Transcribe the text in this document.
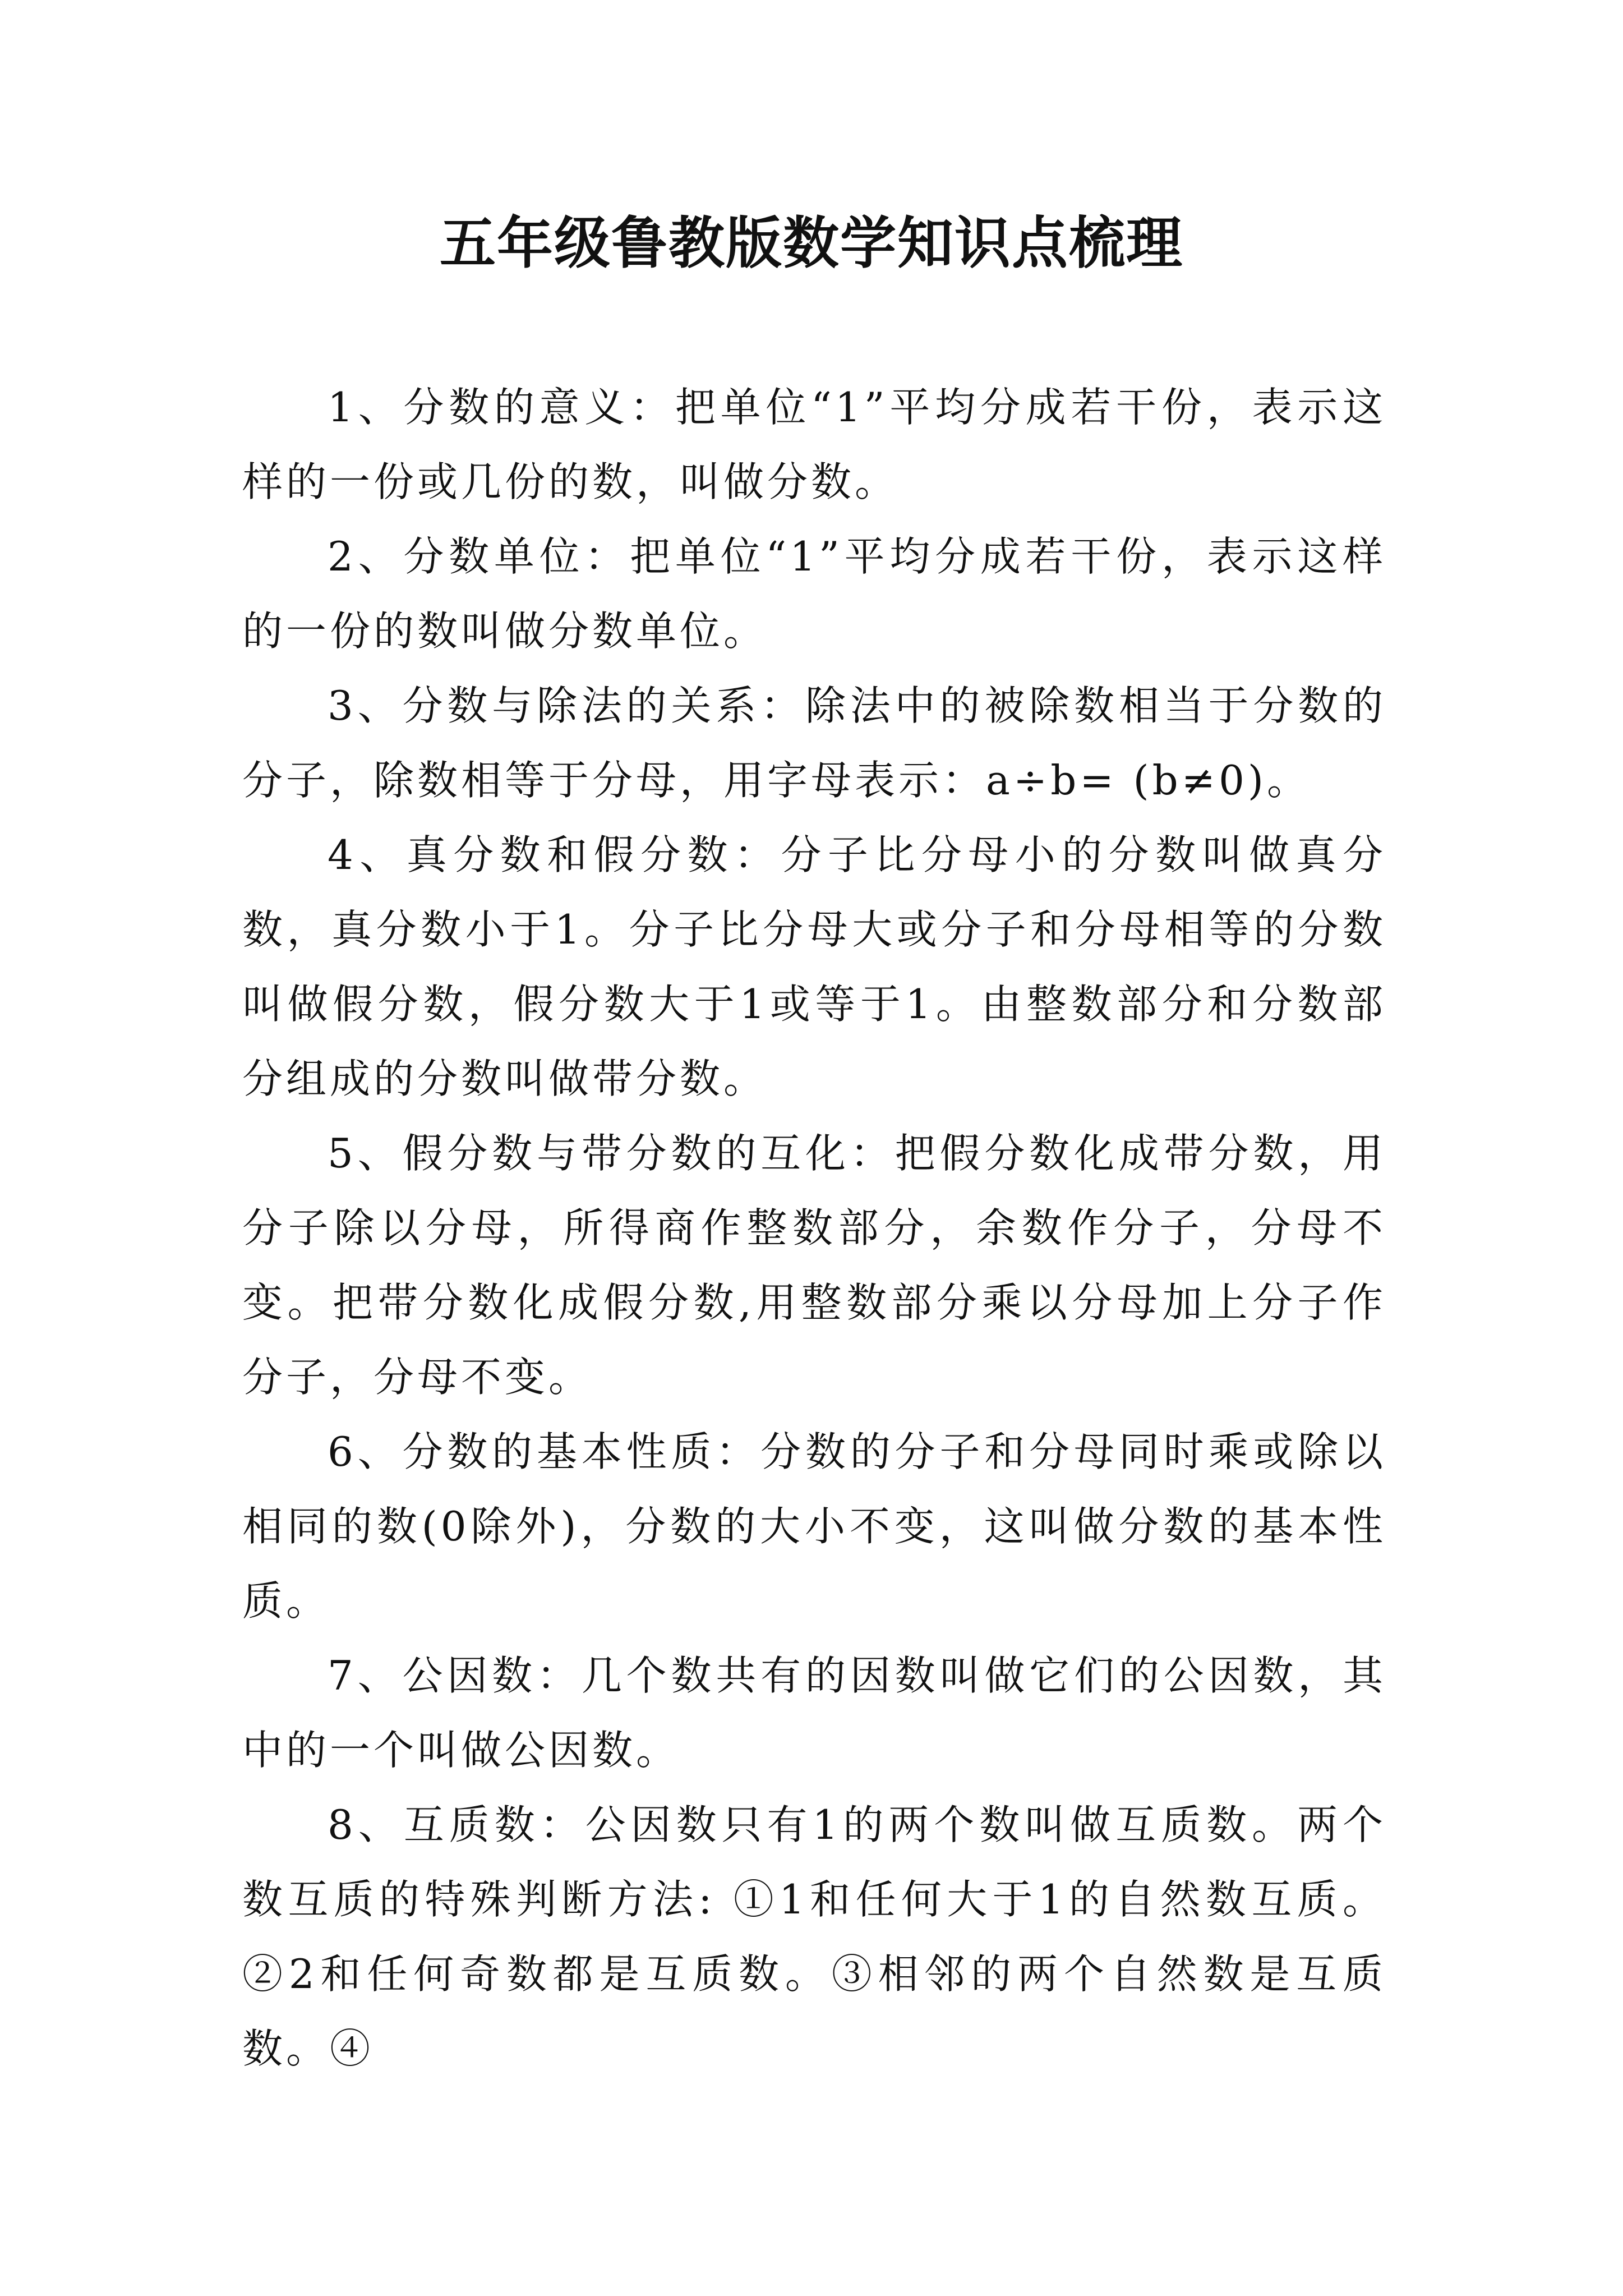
五年级鲁教版数学知识点梳理

1、分数的意义：把单位“1”平均分成若干份，表示这样的一份或几份的数，叫做分数。

2、分数单位：把单位“1”平均分成若干份，表示这样的一份的数叫做分数单位。

3、分数与除法的关系：除法中的被除数相当于分数的分子，除数相等于分母，用字母表示：a÷b= (b≠0)。

4、真分数和假分数：分子比分母小的分数叫做真分数，真分数小于1。分子比分母大或分子和分母相等的分数叫做假分数，假分数大于1或等于1。由整数部分和分数部分组成的分数叫做带分数。

5、假分数与带分数的互化：把假分数化成带分数，用分子除以分母，所得商作整数部分，余数作分子，分母不变。把带分数化成假分数,用整数部分乘以分母加上分子作分子，分母不变。

6、分数的基本性质：分数的分子和分母同时乘或除以相同的数(0除外)，分数的大小不变，这叫做分数的基本性质。

7、公因数：几个数共有的因数叫做它们的公因数，其中的一个叫做公因数。

8、互质数：公因数只有1的两个数叫做互质数。两个数互质的特殊判断方法: ①1和任何大于1的自然数互质。②2和任何奇数都是互质数。③相邻的两个自然数是互质数。④
